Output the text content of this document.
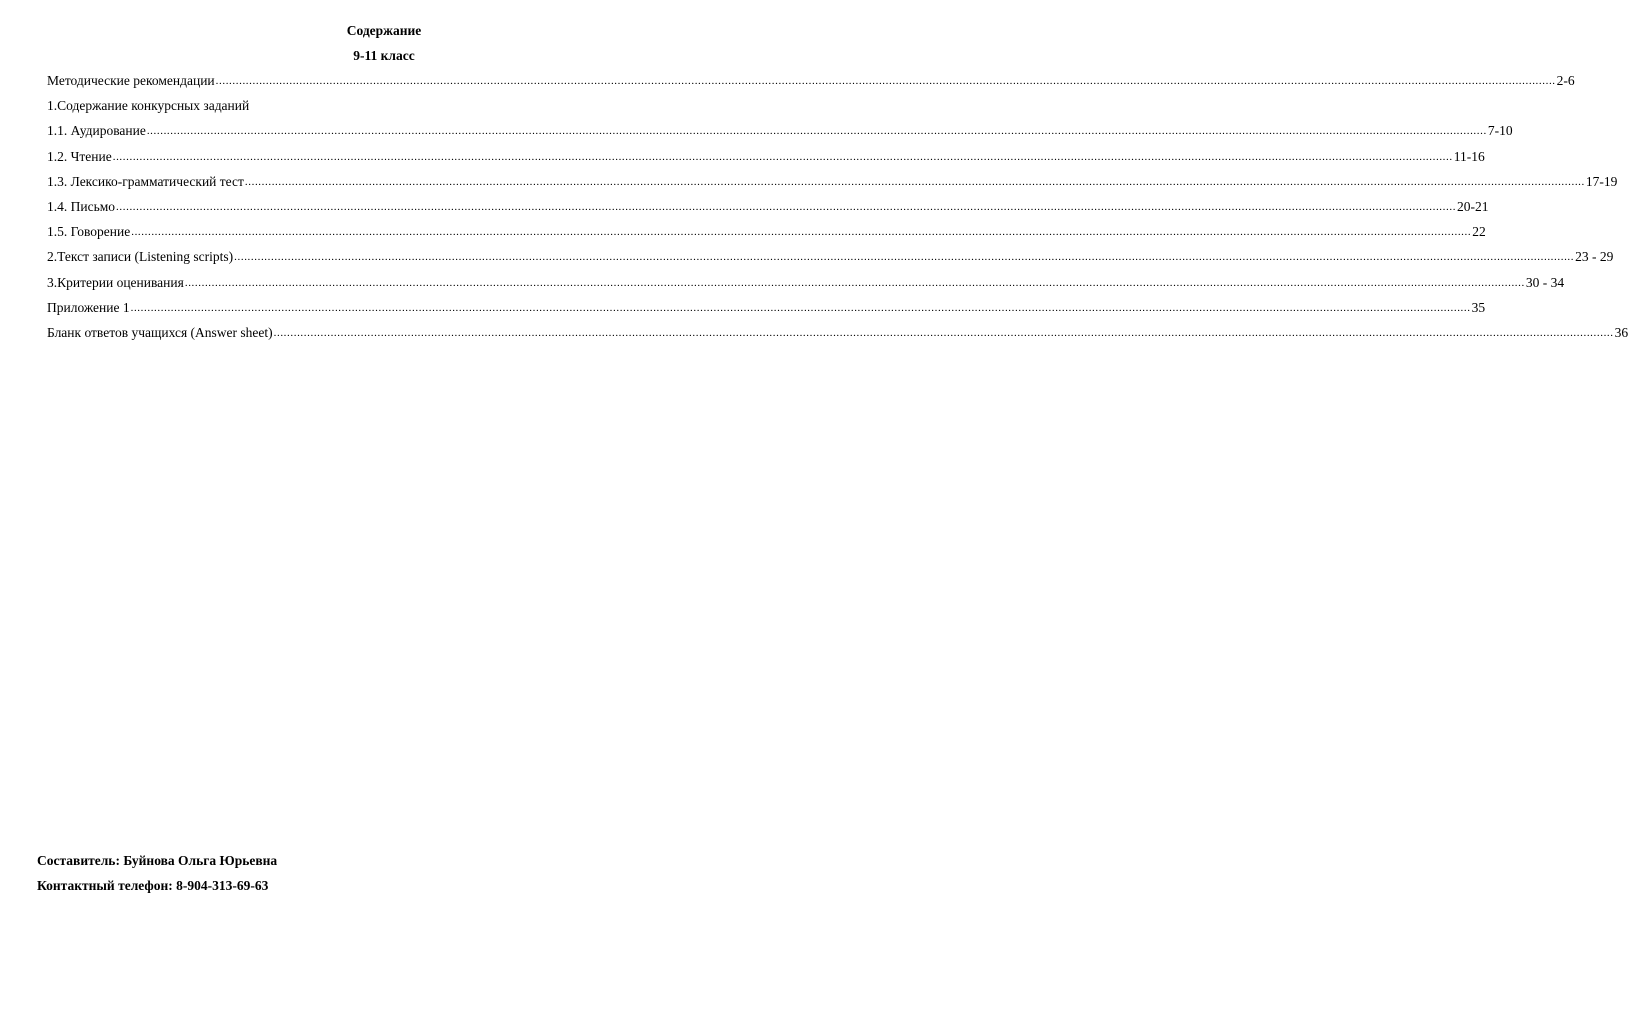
Содержание
9-11 класс
Методические рекомендации ................................................................................................................................................................................................................................................................................................................................................................................................................ 2-6
1.Содержание конкурсных заданий
1.1. Аудирование ................................................................................................................................................................................................................................................................................................................................................................................................................ 7-10
1.2. Чтение ................................................................................................................................................................................................................................................................................................................................................................................................................ 11-16
1.3. Лексико-грамматический тест ................................................................................................................................................................................................................................................................................................................................................................................................................ 17-19
1.4. Письмо ................................................................................................................................................................................................................................................................................................................................................................................................................ 20-21
1.5. Говорение ................................................................................................................................................................................................................................................................................................................................................................................................................ 22
2.Текст записи (Listening scripts) ................................................................................................................................................................................................................................................................................................................................................................................................................ 23 - 29
3.Критерии оценивания ................................................................................................................................................................................................................................................................................................................................................................................................................ 30 - 34
Приложение 1 ................................................................................................................................................................................................................................................................................................................................................................................................................ 35
Бланк ответов учащихся (Answer sheet) ................................................................................................................................................................................................................................................................................................................................................................................................................ 36
Составитель: Буйнова Ольга Юрьевна
Контактный телефон: 8-904-313-69-63
